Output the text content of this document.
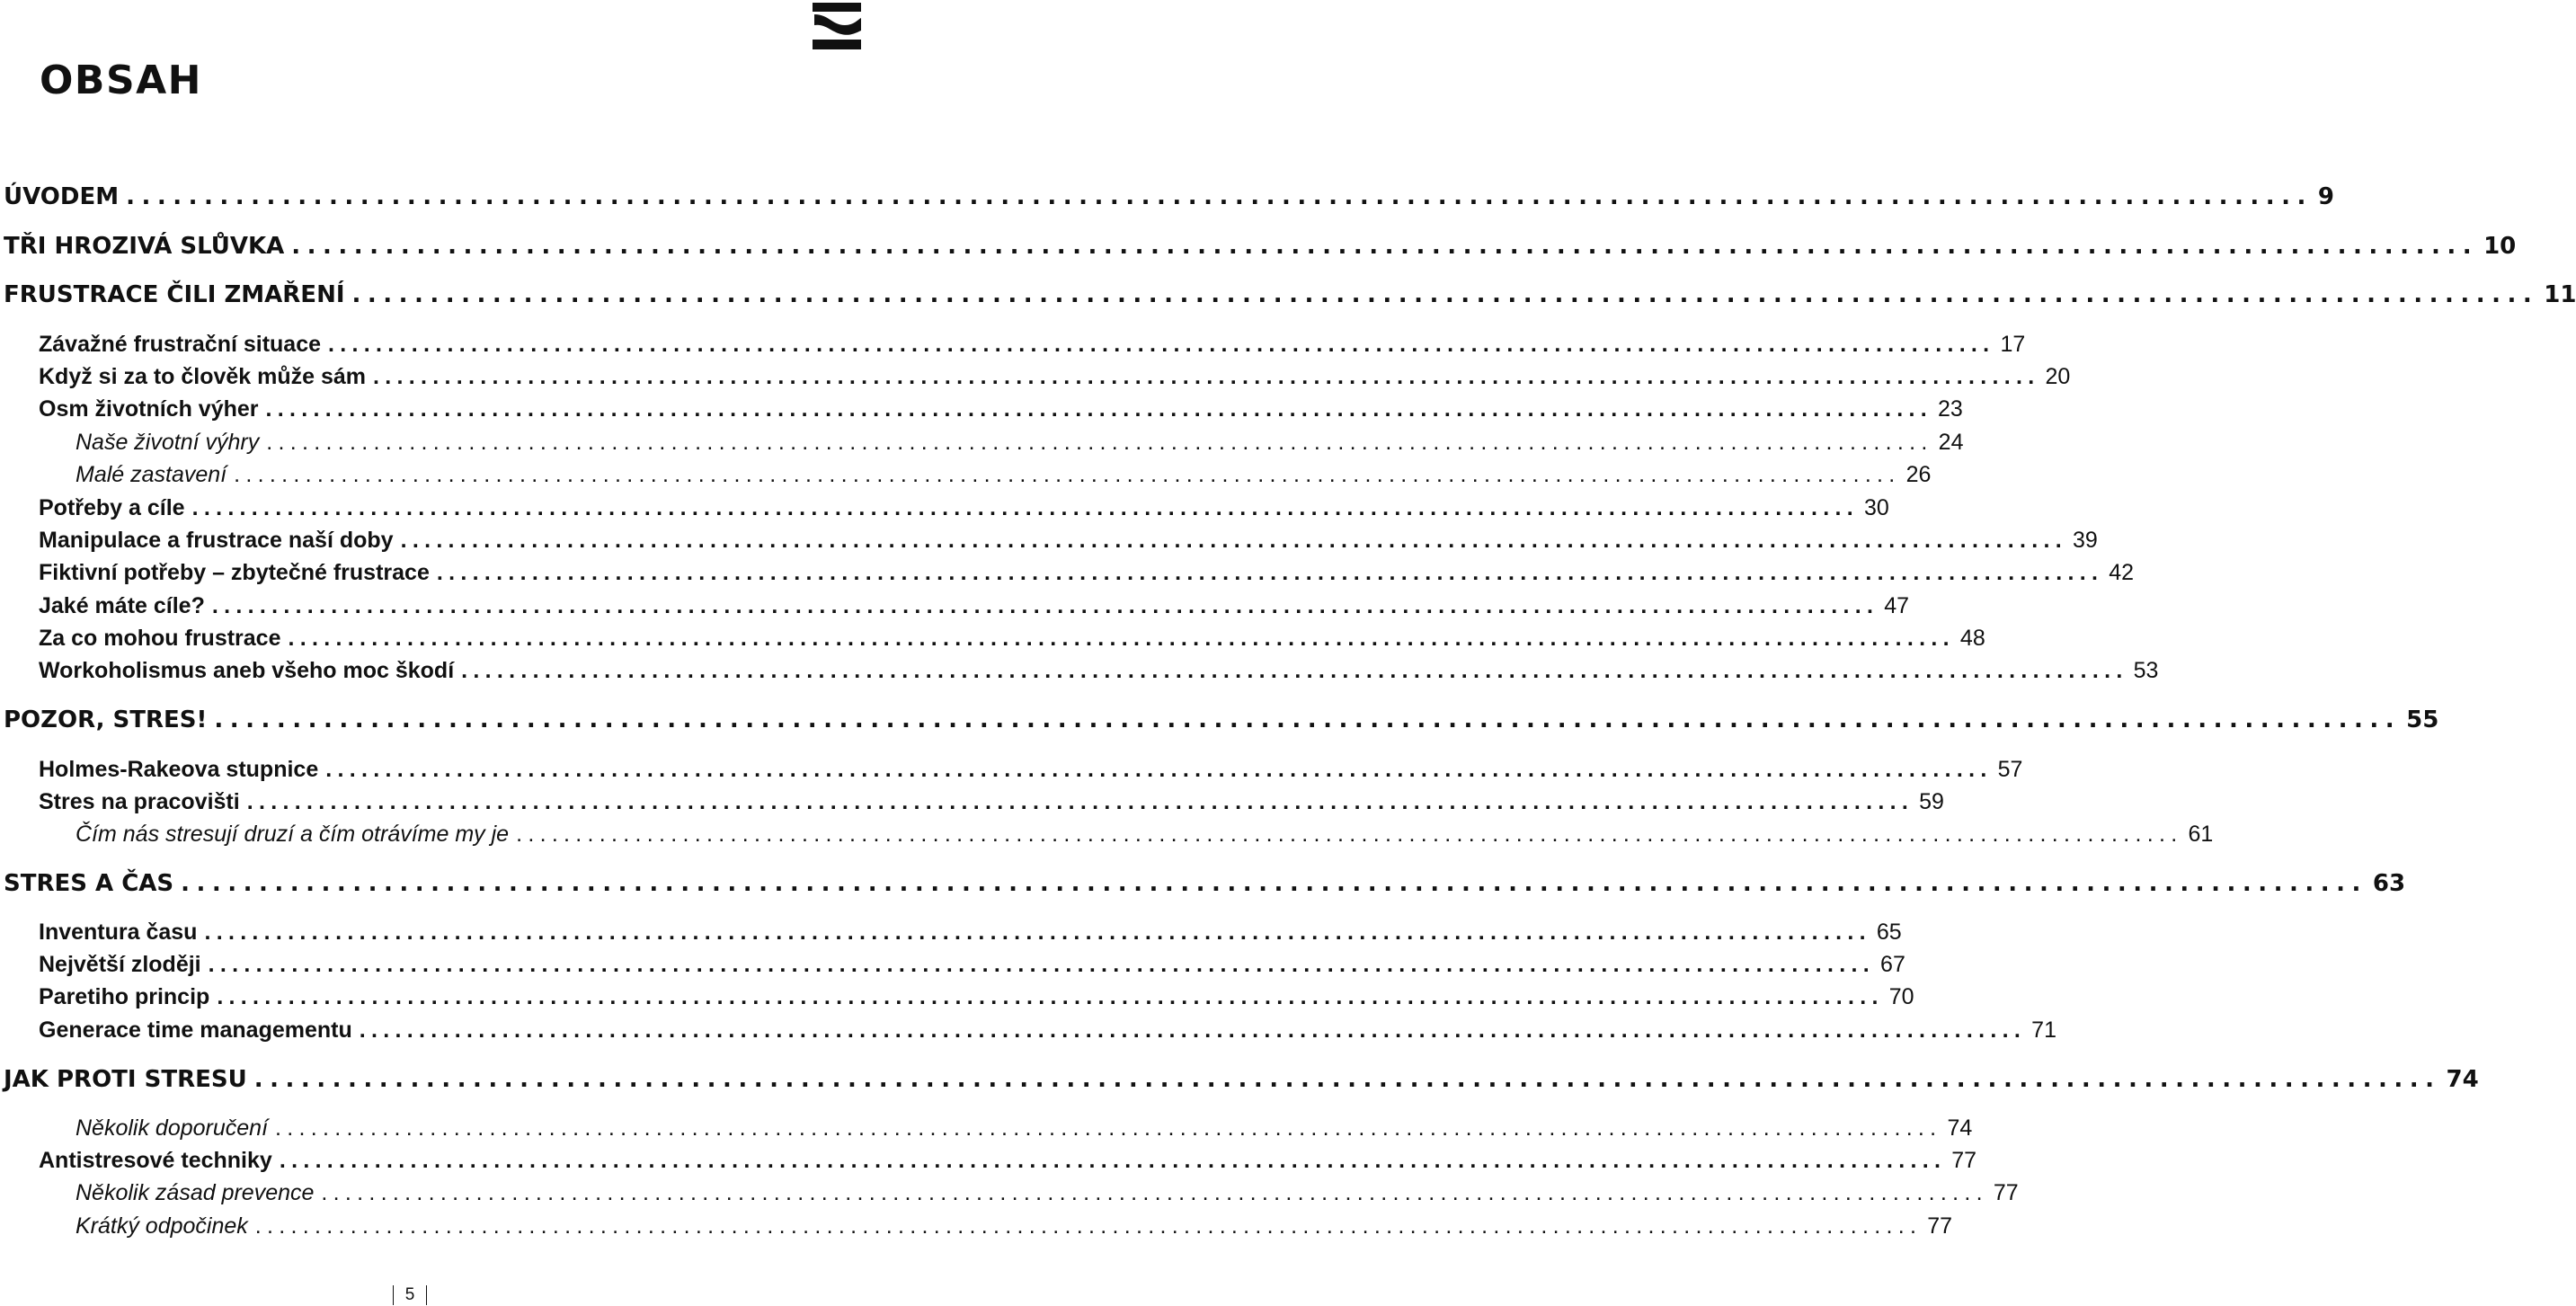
OBSAH
ÚVODEM ............................................................................................................................................ 9
TŘI HROZIVÁ SLŮVKA ............................................................................................................................................ 10
FRUSTRACE ČILI ZMAŘENÍ ............................................................................................................................................ 11
Závažné frustrační situace ............................................................................................................................................ 17
Když si za to člověk může sám ............................................................................................................................................ 20
Osm životních výher ............................................................................................................................................ 23
Naše životní výhry ............................................................................................................................................ 24
Malé zastavení ............................................................................................................................................ 26
Potřeby a cíle ............................................................................................................................................ 30
Manipulace a frustrace naší doby ............................................................................................................................................ 39
Fiktivní potřeby – zbytečné frustrace ............................................................................................................................................ 42
Jaké máte cíle? ............................................................................................................................................ 47
Za co mohou frustrace ............................................................................................................................................ 48
Workoholismus aneb všeho moc škodí ............................................................................................................................................ 53
POZOR, STRES! ............................................................................................................................................ 55
Holmes-Rakeova stupnice ............................................................................................................................................ 57
Stres na pracovišti ............................................................................................................................................ 59
Čím nás stresují druzí a čím otrávíme my je ............................................................................................................................................ 61
STRES A ČAS ............................................................................................................................................ 63
Inventura času ............................................................................................................................................ 65
Největší zloději ............................................................................................................................................ 67
Paretiho princip ............................................................................................................................................ 70
Generace time managementu ............................................................................................................................................ 71
JAK PROTI STRESU ............................................................................................................................................ 74
Několik doporučení ............................................................................................................................................ 74
Antistresové techniky ............................................................................................................................................ 77
Několik zásad prevence ............................................................................................................................................ 77
Krátký odpočinek ............................................................................................................................................ 77
5
